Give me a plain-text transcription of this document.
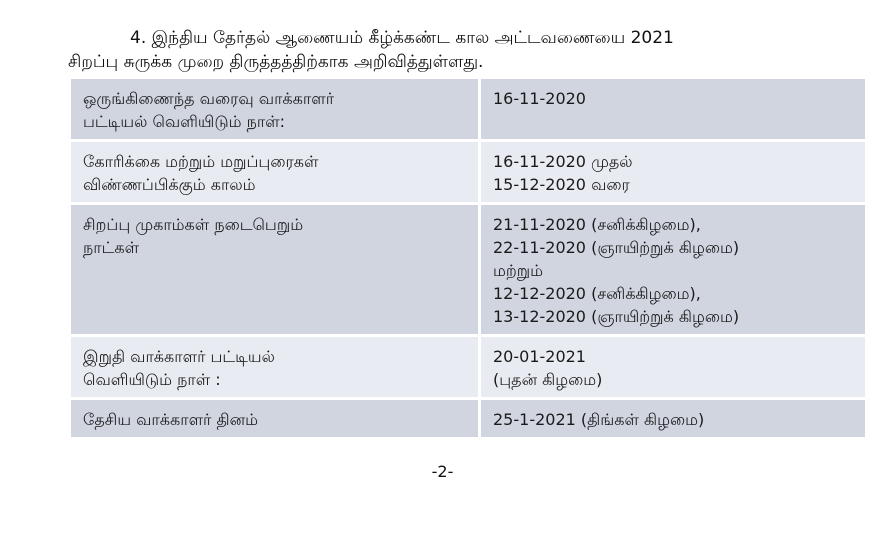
4. இந்திய தேர்தல் ஆணையம் கீழ்க்கண்ட கால அட்டவணையை 2021
சிறப்பு சுருக்க முறை திருத்தத்திற்காக அறிவித்துள்ளது.

ஒருங்கிணைந்த வரைவு வாக்காளர்
பட்டியல் வெளியிடும் நாள்:	16-11-2020

கோரிக்கை மற்றும் மறுப்புரைகள்
விண்ணப்பிக்கும் காலம்	16-11-2020 முதல்
15-12-2020 வரை

சிறப்பு முகாம்கள் நடைபெறும்
நாட்கள்	21-11-2020 (சனிக்கிழமை),
22-11-2020 (ஞாயிற்றுக் கிழமை)
மற்றும்
12-12-2020 (சனிக்கிழமை),
13-12-2020 (ஞாயிற்றுக் கிழமை)

இறுதி வாக்காளர் பட்டியல்
வெளியிடும் நாள் :	20-01-2021
(புதன் கிழமை)

தேசிய வாக்காளர் தினம்	25-1-2021 (திங்கள் கிழமை)
-2-
